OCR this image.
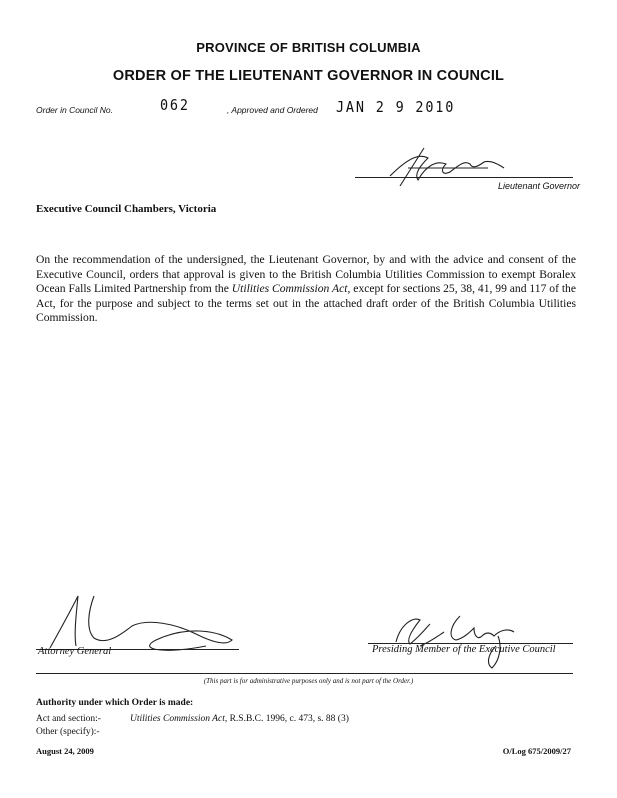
PROVINCE OF BRITISH COLUMBIA
ORDER OF THE LIEUTENANT GOVERNOR IN COUNCIL
Order in Council No.	062	, Approved and Ordered JAN 2 9 2010
Lieutenant Governor
Executive Council Chambers, Victoria
On the recommendation of the undersigned, the Lieutenant Governor, by and with the advice and consent of the Executive Council, orders that approval is given to the British Columbia Utilities Commission to exempt Boralex Ocean Falls Limited Partnership from the Utilities Commission Act, except for sections 25, 38, 41, 99 and 117 of the Act, for the purpose and subject to the terms set out in the attached draft order of the British Columbia Utilities Commission.
Attorney General	Presiding Member of the Executive Council
(This part is for administrative purposes only and is not part of the Order.)
Authority under which Order is made:
Act and section:-	Utilities Commission Act, R.S.B.C. 1996, c. 473, s. 88 (3)
Other (specify):-
August 24, 2009	O/Log 675/2009/27
